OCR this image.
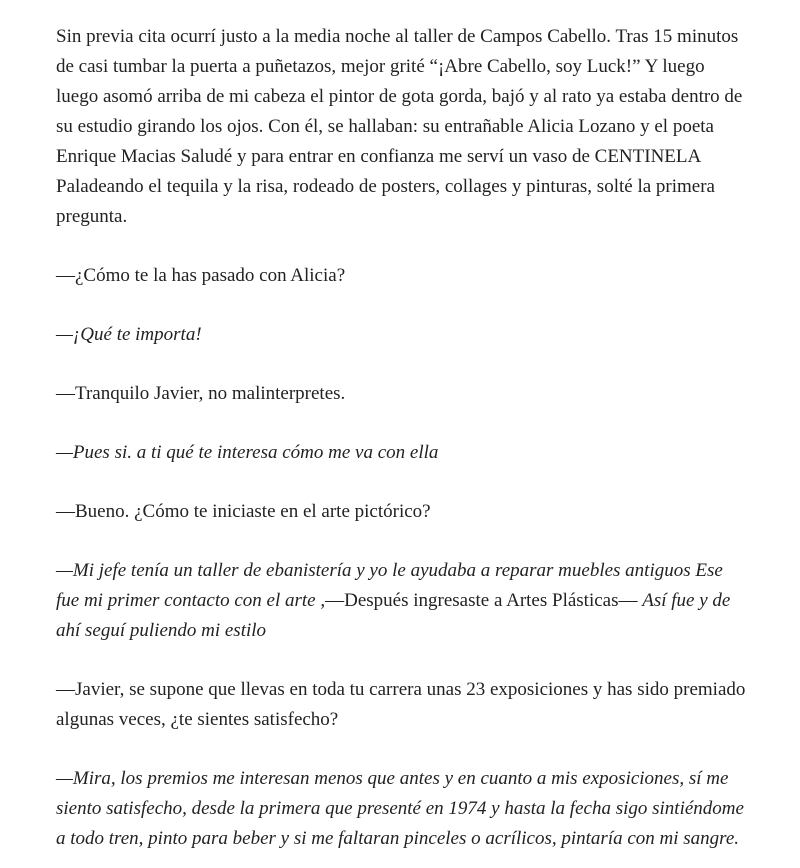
Sin previa cita ocurrí justo a la media noche al taller de Campos Cabello. Tras 15 minutos de casi tumbar la puerta a puñetazos, mejor grité “¡Abre Cabello, soy Luck!” Y luego luego asomó arriba de mi cabeza el pintor de gota gorda, bajó y al rato ya estaba dentro de su estudio girando los ojos. Con él, se hallaban: su entrañable Alicia Lozano y el poeta Enrique Macias Saludé y para entrar en confianza me serví un vaso de CENTINELA Paladeando el tequila y la risa, rodeado de posters, collages y pinturas, solté la primera pregunta.

—¿Cómo te la has pasado con Alicia?

—¡Qué te importa!

—Tranquilo Javier, no malinterpretes.

—Pues si. a ti qué te interesa cómo me va con ella

—Bueno. ¿Cómo te iniciaste en el arte pictórico?

—Mi jefe tenía un taller de ebanistería y yo le ayudaba a reparar muebles antiguos Ese fue mi primer contacto con el arte ,—Después ingresaste a Artes Plásticas— Así fue y de ahí seguí puliendo mi estilo

—Javier, se supone que llevas en toda tu carrera unas 23 exposiciones y has sido premiado algunas veces, ¿te sientes satisfecho?

—Mira, los premios me interesan menos que antes y en cuanto a mis exposiciones, sí me siento satisfecho, desde la primera que presenté en 1974 y hasta la fecha sigo sintiéndome a todo tren, pinto para beber y si me faltaran pinceles o acrílicos, pintaría con mi sangre.
